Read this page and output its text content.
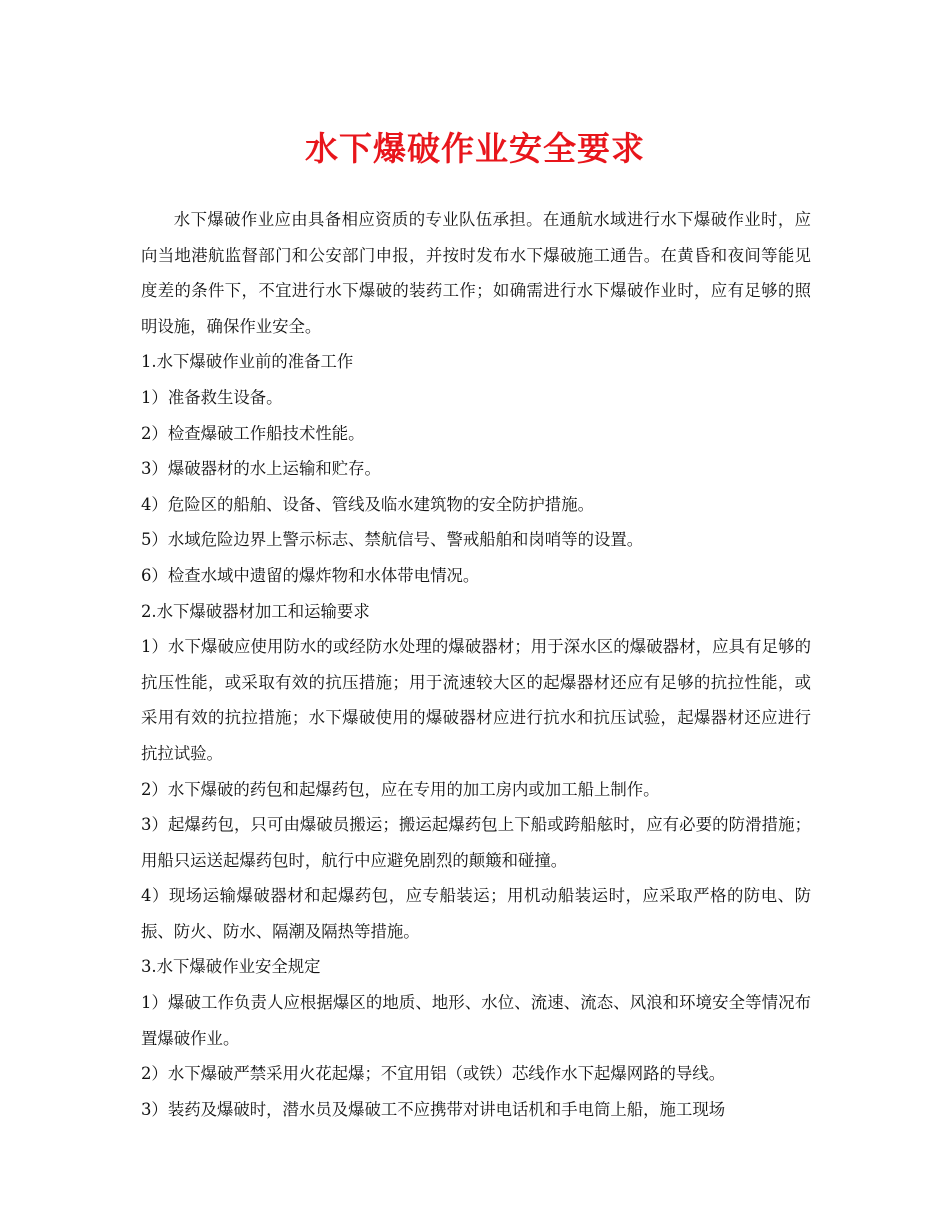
水下爆破作业安全要求

水下爆破作业应由具备相应资质的专业队伍承担。在通航水域进行水下爆破作业时，应向当地港航监督部门和公安部门申报，并按时发布水下爆破施工通告。在黄昏和夜间等能见度差的条件下，不宜进行水下爆破的装药工作；如确需进行水下爆破作业时，应有足够的照明设施，确保作业安全。

1.水下爆破作业前的准备工作

1）准备救生设备。

2）检查爆破工作船技术性能。

3）爆破器材的水上运输和贮存。

4）危险区的船舶、设备、管线及临水建筑物的安全防护措施。

5）水域危险边界上警示标志、禁航信号、警戒船舶和岗哨等的设置。

6）检查水域中遗留的爆炸物和水体带电情况。

2.水下爆破器材加工和运输要求

1）水下爆破应使用防水的或经防水处理的爆破器材；用于深水区的爆破器材，应具有足够的抗压性能，或采取有效的抗压措施；用于流速较大区的起爆器材还应有足够的抗拉性能，或采用有效的抗拉措施；水下爆破使用的爆破器材应进行抗水和抗压试验，起爆器材还应进行抗拉试验。

2）水下爆破的药包和起爆药包，应在专用的加工房内或加工船上制作。

3）起爆药包，只可由爆破员搬运；搬运起爆药包上下船或跨船舷时，应有必要的防滑措施；用船只运送起爆药包时，航行中应避免剧烈的颠簸和碰撞。

4）现场运输爆破器材和起爆药包，应专船装运；用机动船装运时，应采取严格的防电、防振、防火、防水、隔潮及隔热等措施。

3.水下爆破作业安全规定

1）爆破工作负责人应根据爆区的地质、地形、水位、流速、流态、风浪和环境安全等情况布置爆破作业。

2）水下爆破严禁采用火花起爆；不宜用铝（或铁）芯线作水下起爆网路的导线。

3）装药及爆破时，潜水员及爆破工不应携带对讲电话机和手电筒上船，施工现场
